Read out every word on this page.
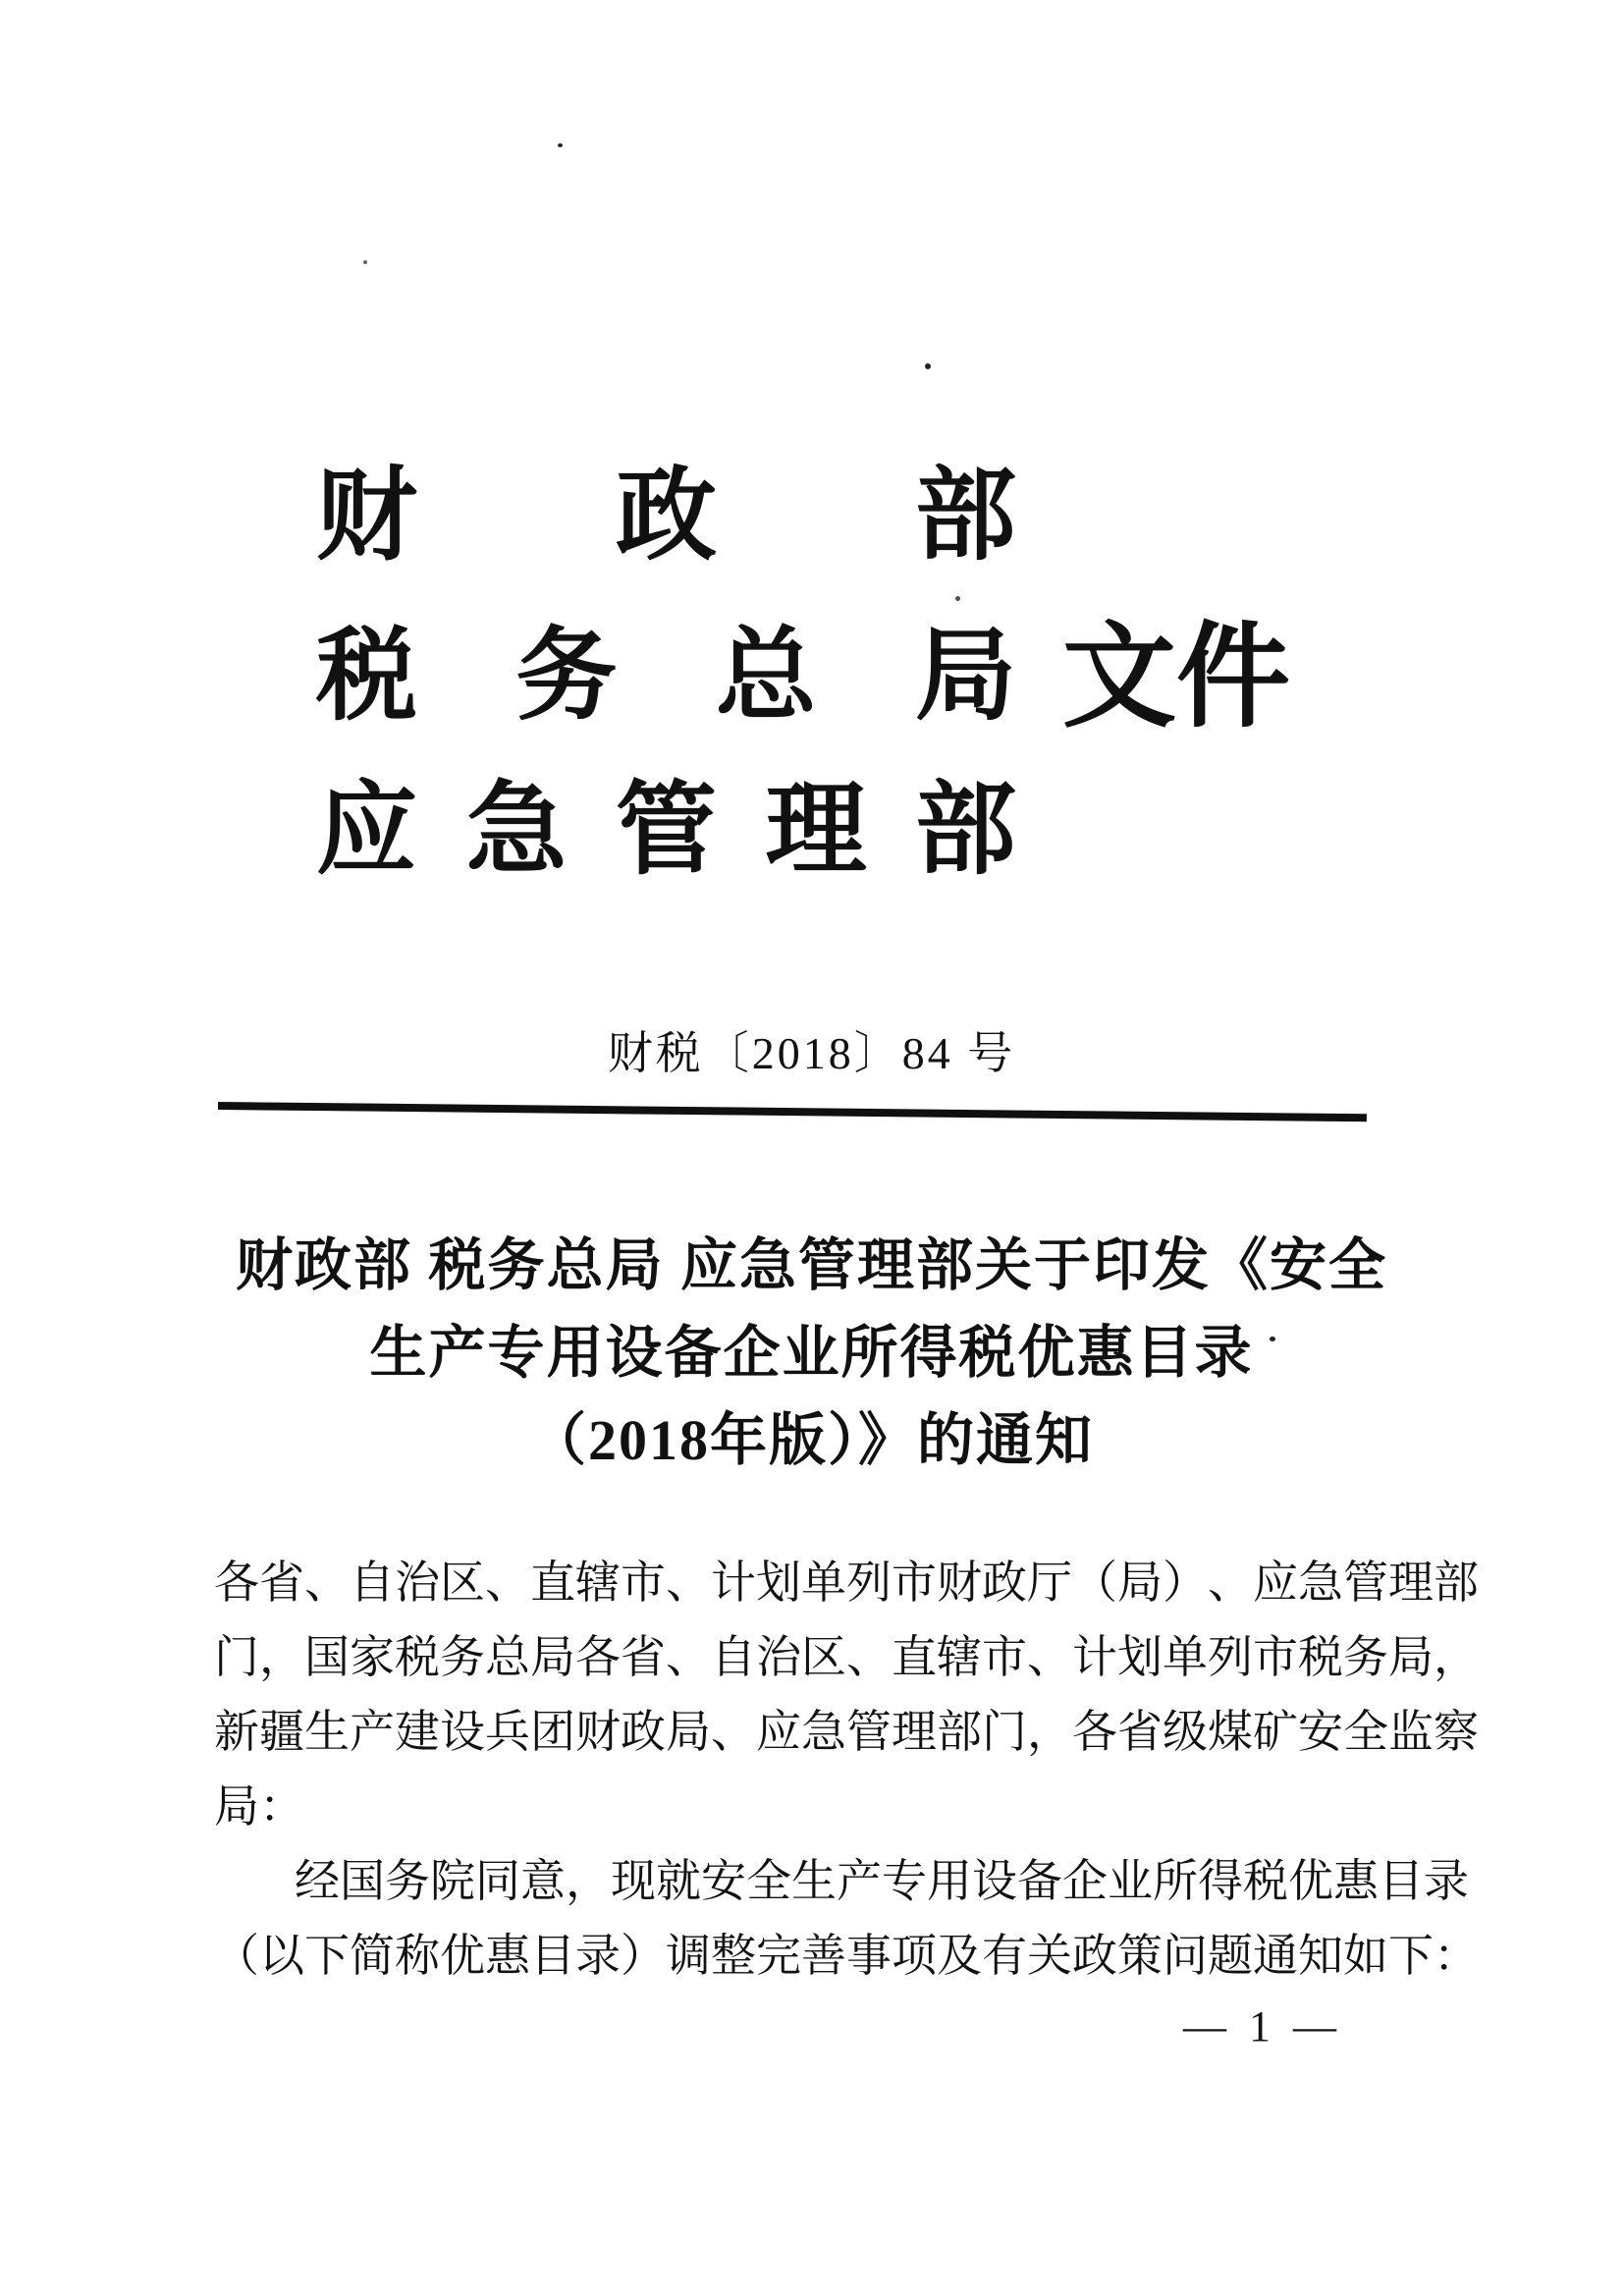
财 政 部
税 务 总 局
应 急 管 理 部
文 件
财税〔2018〕84 号
财政部 税务总局 应急管理部关于印发《安全
生产专用设备企业所得税优惠目录
（2018年版）》的通知
各 省 、 自 治 区 、 直 辖 市 、 计 划 单 列 市 财 政 厅 （ 局 ） 、 应 急 管 理 部
门 ， 国 家 税 务 总 局 各 省 、 自 治 区 、 直 辖 市 、 计 划 单 列 市 税 务 局 ，
新 疆 生 产 建 设 兵 团 财 政 局 、 应 急 管 理 部 门 ， 各 省 级 煤 矿 安 全 监 察
局：
经 国 务 院 同 意 ， 现 就 安 全 生 产 专 用 设 备 企 业 所 得 税 优 惠 目 录
（ 以 下 简 称 优 惠 目 录 ） 调 整 完 善 事 项 及 有 关 政 策 问 题 通 知 如 下 ：
— 1 —
